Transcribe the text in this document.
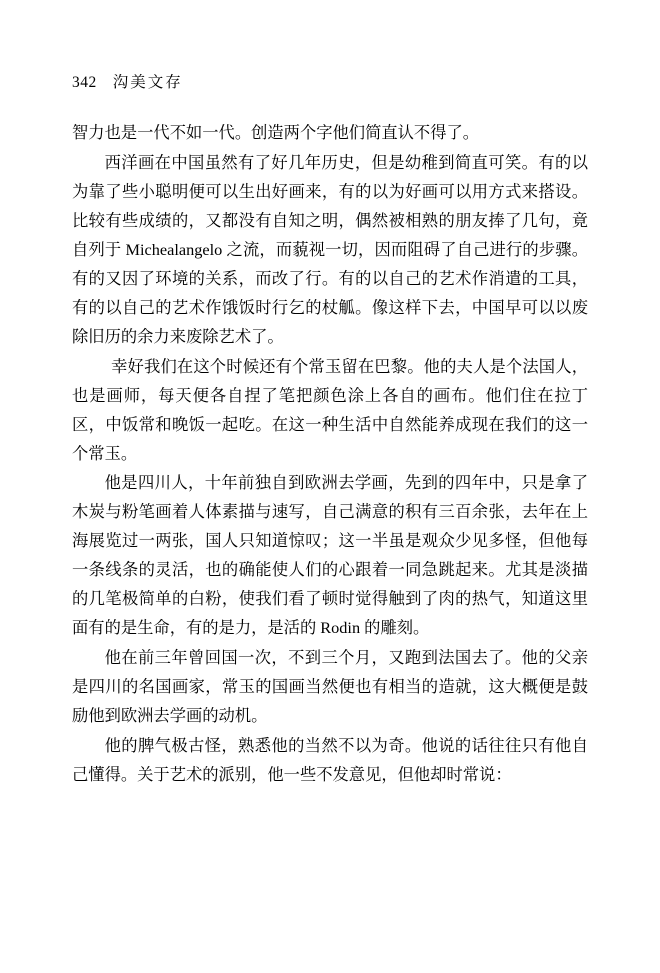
342 沟美文存

智力也是一代不如一代。创造两个字他们简直认不得了。

西洋画在中国虽然有了好几年历史，但是幼稚到简直可笑。有的以为靠了些小聪明便可以生出好画来，有的以为好画可以用方式来搭设。比较有些成绩的，又都没有自知之明，偶然被相熟的朋友捧了几句，竟自列于 Michealangelo 之流，而藐视一切，因而阻碍了自己进行的步骤。有的又因了环境的关系，而改了行。有的以自己的艺术作消遣的工具，有的以自己的艺术作饿饭时行乞的杖觚。像这样下去，中国早可以以废除旧历的余力来废除艺术了。

幸好我们在这个时候还有个常玉留在巴黎。他的夫人是个法国人，也是画师，每天便各自捏了笔把颜色涂上各自的画布。他们住在拉丁区，中饭常和晚饭一起吃。在这一种生活中自然能养成现在我们的这一个常玉。

他是四川人，十年前独自到欧洲去学画，先到的四年中，只是拿了木炭与粉笔画着人体素描与速写，自己满意的积有三百余张，去年在上海展览过一两张，国人只知道惊叹；这一半虽是观众少见多怪，但他每一条线条的灵活，也的确能使人们的心跟着一同急跳起来。尤其是淡描的几笔极简单的白粉，使我们看了顿时觉得触到了肉的热气，知道这里面有的是生命，有的是力，是活的 Rodin 的雕刻。

他在前三年曾回国一次，不到三个月，又跑到法国去了。他的父亲是四川的名国画家，常玉的国画当然便也有相当的造就，这大概便是鼓励他到欧洲去学画的动机。

他的脾气极古怪，熟悉他的当然不以为奇。他说的话往往只有他自己懂得。关于艺术的派别，他一些不发意见，但他却时常说：
